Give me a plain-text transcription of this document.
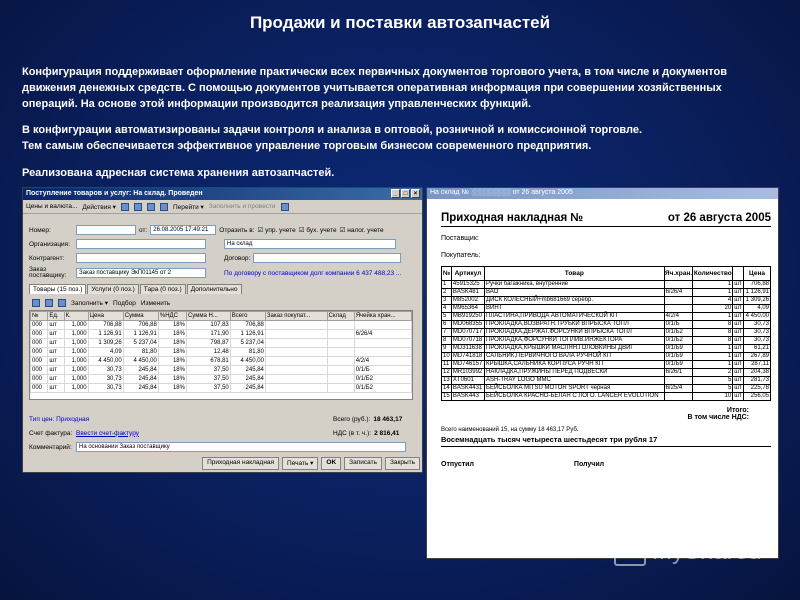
Продажи и поставки автозапчастей
Конфигурация поддерживает оформление практически всех первичных документов торгового учета, в том числе и документов
движения денежных средств. С помощью документов учитывается оперативная информация при совершении хозяйственных
операций. На основе этой информации производится реализация управленческих функций.
В конфигурации автоматизированы задачи контроля и анализа в оптовой, розничной и комиссионной торговле.
Тем самым обеспечивается эффективное управление торговым бизнесом современного предприятия.
Реализована адресная система хранения автозапчастей.
Поступление товаров и услуг: На склад. Проведен	_	□	×
Цены и валюта... Действия ▾	Перейти ▾ Заполнить и провести
Номер:	от:	26.08.2005 17:49:21	Отразить в: ☑ упр. учете ☑ бух. учете ☑ налог. учете
Организация:	На склад
Контрагент:	Договор:
Заказ поставщику:	Заказ поставщику ЭкП01145 от 2	По договору с поставщиком долг компании 6 437 488,23 ...
Товары (15 поз.)	Услуги (0 поз.)	Тара (0 поз.)	Дополнительно
Заполнить ▾ Подбор Изменить
№	Ед.	К.	Цена	Сумма	%НДС	Сумма Н...	Всего	Заказ покупат...	Склад	Ячейка хран...
000	шт	1,000	706,88	706,88	18%	107,83	706,88			
000	шт	1,000	1 126,91	1 126,91	18%	171,90	1 126,91			6/26/4
000	шт	1,000	1 309,26	5 237,04	18%	798,87	5 237,04			
000	шт	1,000	4,09	81,80	18%	12,48	81,80			
000	шт	1,000	4 450,00	4 450,00	18%	678,81	4 450,00			4/2/4
000	шт	1,000	30,73	245,84	18%	37,50	245,84			0/1/Б
000	шт	1,000	30,73	245,84	18%	37,50	245,84			0/1/Б2
000	шт	1,000	30,73	245,84	18%	37,50	245,84			0/1/Б2
Тип цен: Приходная	Всего (руб.): 18 463,17
Счет фактура: Ввести счет-фактуру	НДС (в т. ч.): 2 816,41
Комментарий:	На основании Заказ поставщику
Приходная накладная	Печать ▾	OK	Записать	Закрыть
На склад № ░░░░░░░░ от 26 августа 2005
Приходная накладная №	от 26 августа 2005
Поставщик:
Покупатель:
№	Артикул	Товар	Яч.хран.	Количество		Цена
1	45915325	Ручки багажника, внутренние		1	шт	706,88
2	BASK481	ВАО	6/26/4	1	шт	1 126,91
3	M852002	ДИСК КОЛЕСНЫЙ+mb681669 серебр.		4	шт	1 309,26
4	M965364	ВИНТ		20	шт	4,09
5	MB919250	ПЛАСТИНА,ПРИВОДА АВТОМАТИЧЕСКОЙ КП	4/2/4	1	шт	4 450,00
6	MD068355	ПРОКЛАДКА,ВОЗВРАТН.ТРУБКИ ВПРЫСКА ТОПЛ	0/1/Б	8	шт	30,73
7	MD070717	ПРОКЛАДКА,ДЕРЖАТ.ФОРСУНКИ ВПРЫСКА ТОПЛ	0/1/Б2	8	шт	30,73
8	MD070718	ПРОКЛАДКА,ФОРСУНКИ ТОПЛИВ.ИНЖЕКТОРА	0/1/Б2	8	шт	30,73
9	MD311638	ПРОКЛАДКА,КРЫШКИ МАСЛЯН.ГОЛОВКИНЫ ДВИГ	0/1/Б9	1	шт	61,21
10	MD741818	САЛЬНИК,ПЕРВИЧНОГО ВАЛА РУЧНОЙ КП	0/1/Б9	1	шт	267,89
11	MD746157	КРЫШКА,САЛЬНИКА КОРПУСА РУЧН КП	0/1/Б9	1	шт	287,11
12	MR103992	НАКЛАДКА,ПРУЖИНЫ ПЕРЕД ПОДВЕСКИ	6/26/1	2	шт	204,38
13	XT0601	ASH-TRAY LOGO MMC		5	шт	281,73
14	BASK4431	БЕЙСБОЛКА MITSU MOTOR SPORT черная	6/25/4	5	шт	225,78
15	BASK443	БЕЙСБОЛКА КРАСНО-БЕЛАЯ С ЛОГО. LANCER EVOLUTION		10	шт	256,05
Итого:
В том числе НДС:
Всего наименований 15, на сумму 18 463,17 Руб.
Восемнадцать тысяч четыреста шестьдесят три рубля 17
Отпустил	Получил
MyShared
